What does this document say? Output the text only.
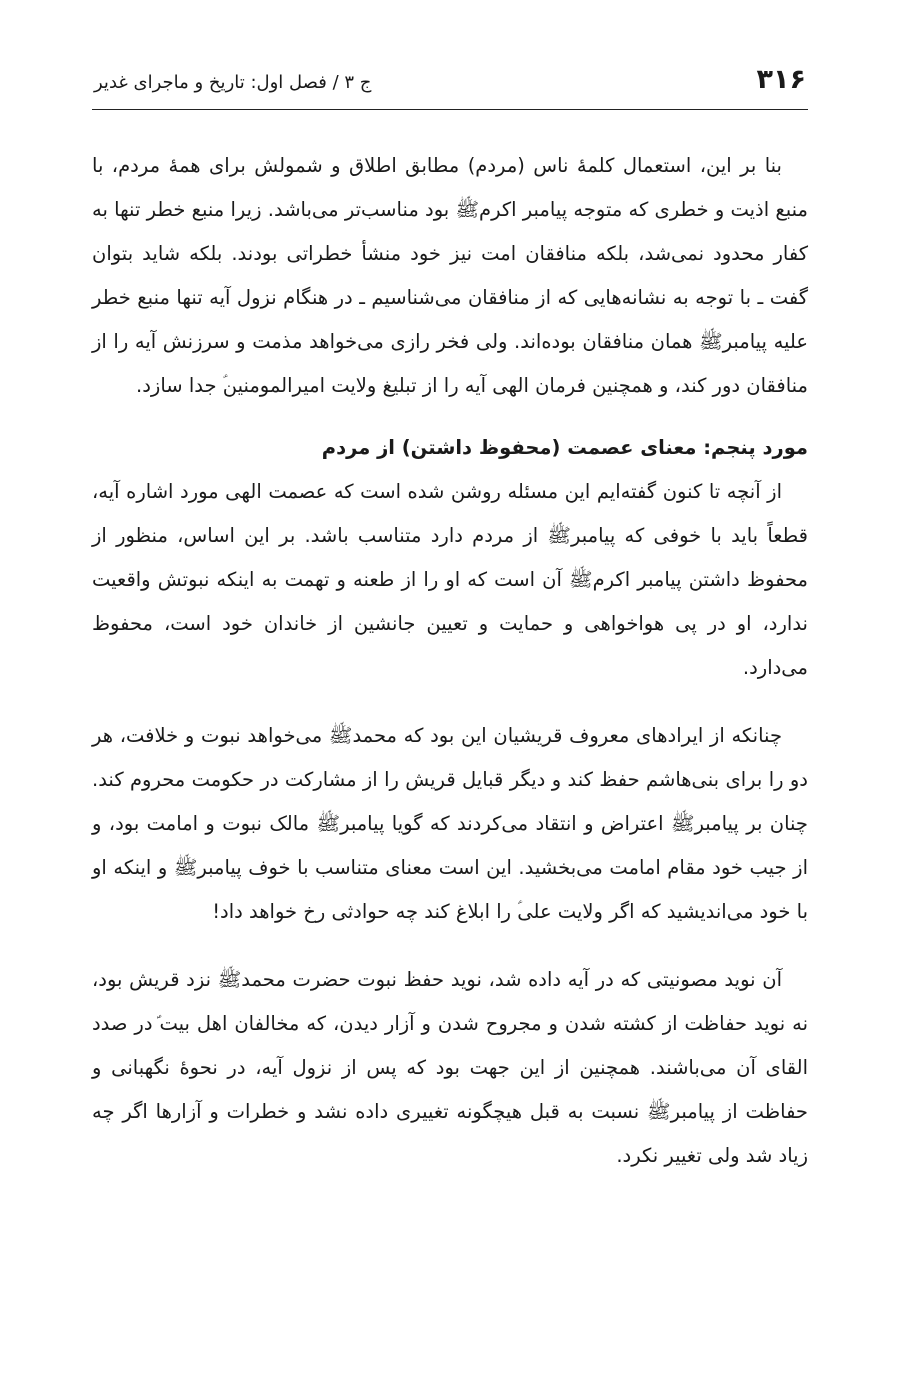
۳۱۶
ج ۳ / فصل اول: تاریخ و ماجرای غدیر

بنا بر این، استعمال کلمهٔ ناس (مردم) مطابق اطلاق و شمولش برای همهٔ مردم، با منبع اذیت و خطری که متوجه پیامبر اکرمﷺ بود مناسب‌تر می‌باشد. زیرا منبع خطر تنها به کفار محدود نمی‌شد، بلکه منافقان امت نیز خود منشأ خطراتی بودند. بلکه شاید بتوان گفت ـ با توجه به نشانه‌هایی که از منافقان می‌شناسیم ـ در هنگام نزول آیه تنها منبع خطر علیه پیامبرﷺ همان منافقان بوده‌اند. ولی فخر رازی می‌خواهد مذمت و سرزنش آیه را از منافقان دور کند، و همچنین فرمان الهی آیه را از تبلیغ ولایت امیرالمومنین‌ؑ جدا سازد.

مورد پنجم: معنای عصمت (محفوظ داشتن) از مردم

از آنچه تا کنون گفته‌ایم این مسئله روشن شده است که عصمت الهی مورد اشاره آیه، قطعاً باید با خوفی که پیامبرﷺ از مردم دارد متناسب باشد. بر این اساس، منظور از محفوظ داشتن پیامبر اکرمﷺ آن است که او را از طعنه و تهمت به اینکه نبوتش واقعیت ندارد، او در پی هواخواهی و حمایت و تعیین جانشین از خاندان خود است، محفوظ می‌دارد.

چنانکه از ایرادهای معروف قریشیان این بود که محمدﷺ می‌خواهد نبوت و خلافت، هر دو را برای بنی‌هاشم حفظ کند و دیگر قبایل قریش را از مشارکت در حکومت محروم کند. چنان بر پیامبرﷺ اعتراض و انتقاد می‌کردند که گویا پیامبرﷺ مالک نبوت و امامت بود، و از جیب خود مقام امامت می‌بخشید. این است معنای متناسب با خوف پیامبرﷺ و اینکه او با خود می‌اندیشید که اگر ولایت علی‌ؑ را ابلاغ کند چه حوادثی رخ خواهد داد!

آن نوید مصونیتی که در آیه داده شد، نوید حفظ نبوت حضرت محمدﷺ نزد قریش بود، نه نوید حفاظت از کشته شدن و مجروح شدن و آزار دیدن، که مخالفان اهل بیت‌ؑ در صدد القای آن می‌باشند. همچنین از این جهت بود که پس از نزول آیه، در نحوهٔ نگهبانی و حفاظت از پیامبرﷺ نسبت به قبل هیچگونه تغییری داده نشد و خطرات و آزارها اگر چه زیاد شد ولی تغییر نکرد.
